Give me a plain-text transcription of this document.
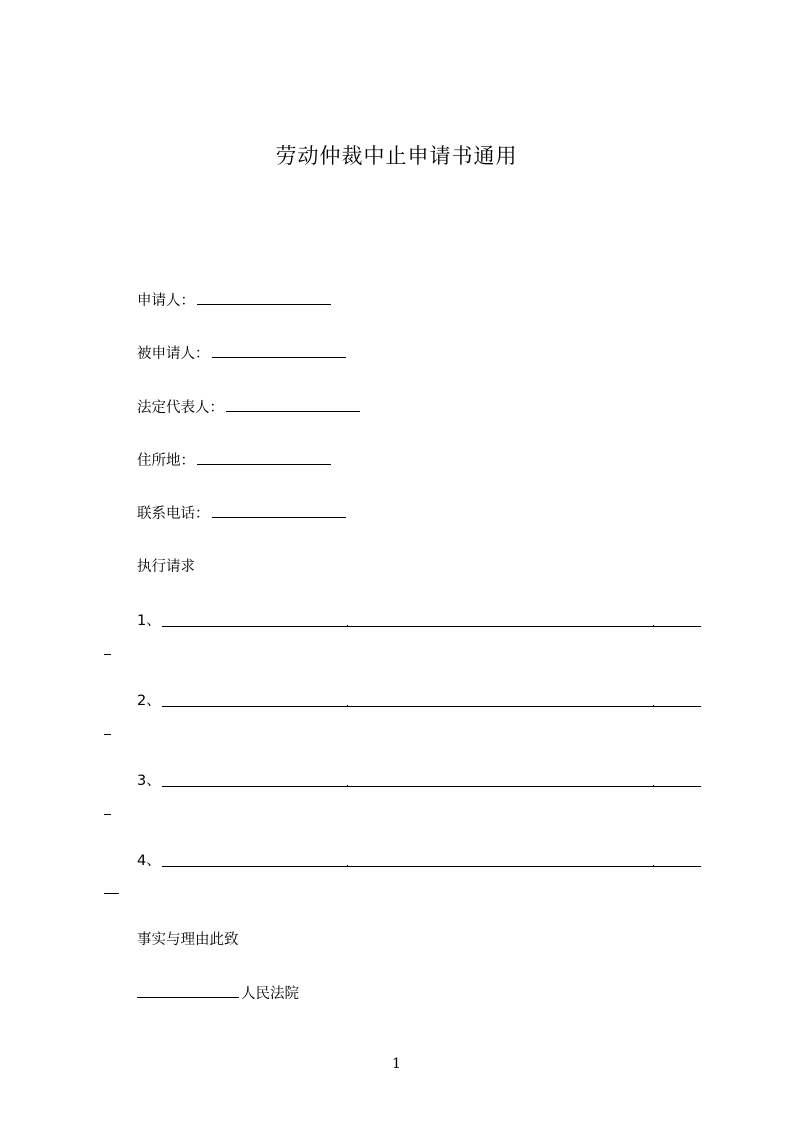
劳动仲裁中止申请书通用
申请人：
被申请人：
法定代表人：
住所地：
联系电话：
执行请求
1、
2、
3、
4、
事实与理由此致
人民法院
1
